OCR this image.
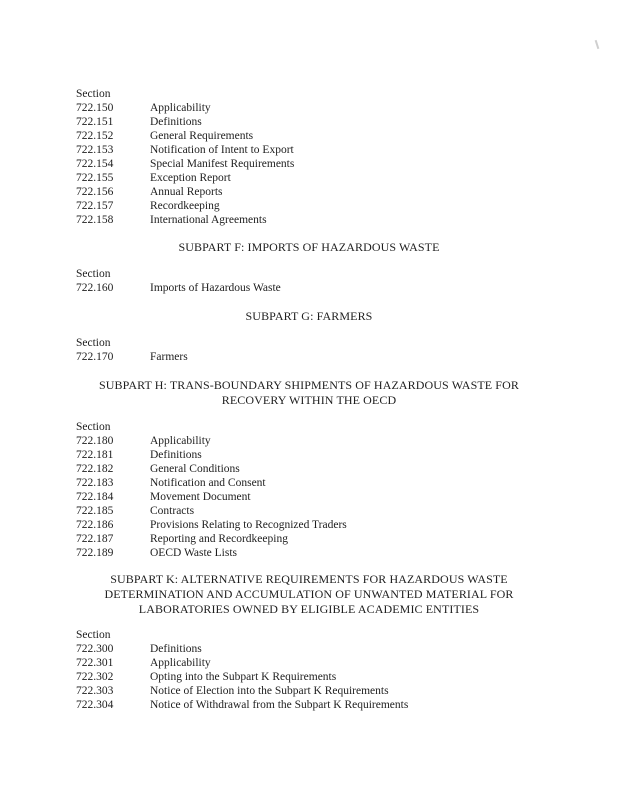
Section
722.150	Applicability
722.151	Definitions
722.152	General Requirements
722.153	Notification of Intent to Export
722.154	Special Manifest Requirements
722.155	Exception Report
722.156	Annual Reports
722.157	Recordkeeping
722.158	International Agreements
SUBPART F: IMPORTS OF HAZARDOUS WASTE
Section
722.160	Imports of Hazardous Waste
SUBPART G: FARMERS
Section
722.170	Farmers
SUBPART H: TRANS-BOUNDARY SHIPMENTS OF HAZARDOUS WASTE FOR
RECOVERY WITHIN THE OECD
Section
722.180	Applicability
722.181	Definitions
722.182	General Conditions
722.183	Notification and Consent
722.184	Movement Document
722.185	Contracts
722.186	Provisions Relating to Recognized Traders
722.187	Reporting and Recordkeeping
722.189	OECD Waste Lists
SUBPART K: ALTERNATIVE REQUIREMENTS FOR HAZARDOUS WASTE
DETERMINATION AND ACCUMULATION OF UNWANTED MATERIAL FOR
LABORATORIES OWNED BY ELIGIBLE ACADEMIC ENTITIES
Section
722.300	Definitions
722.301	Applicability
722.302	Opting into the Subpart K Requirements
722.303	Notice of Election into the Subpart K Requirements
722.304	Notice of Withdrawal from the Subpart K Requirements
